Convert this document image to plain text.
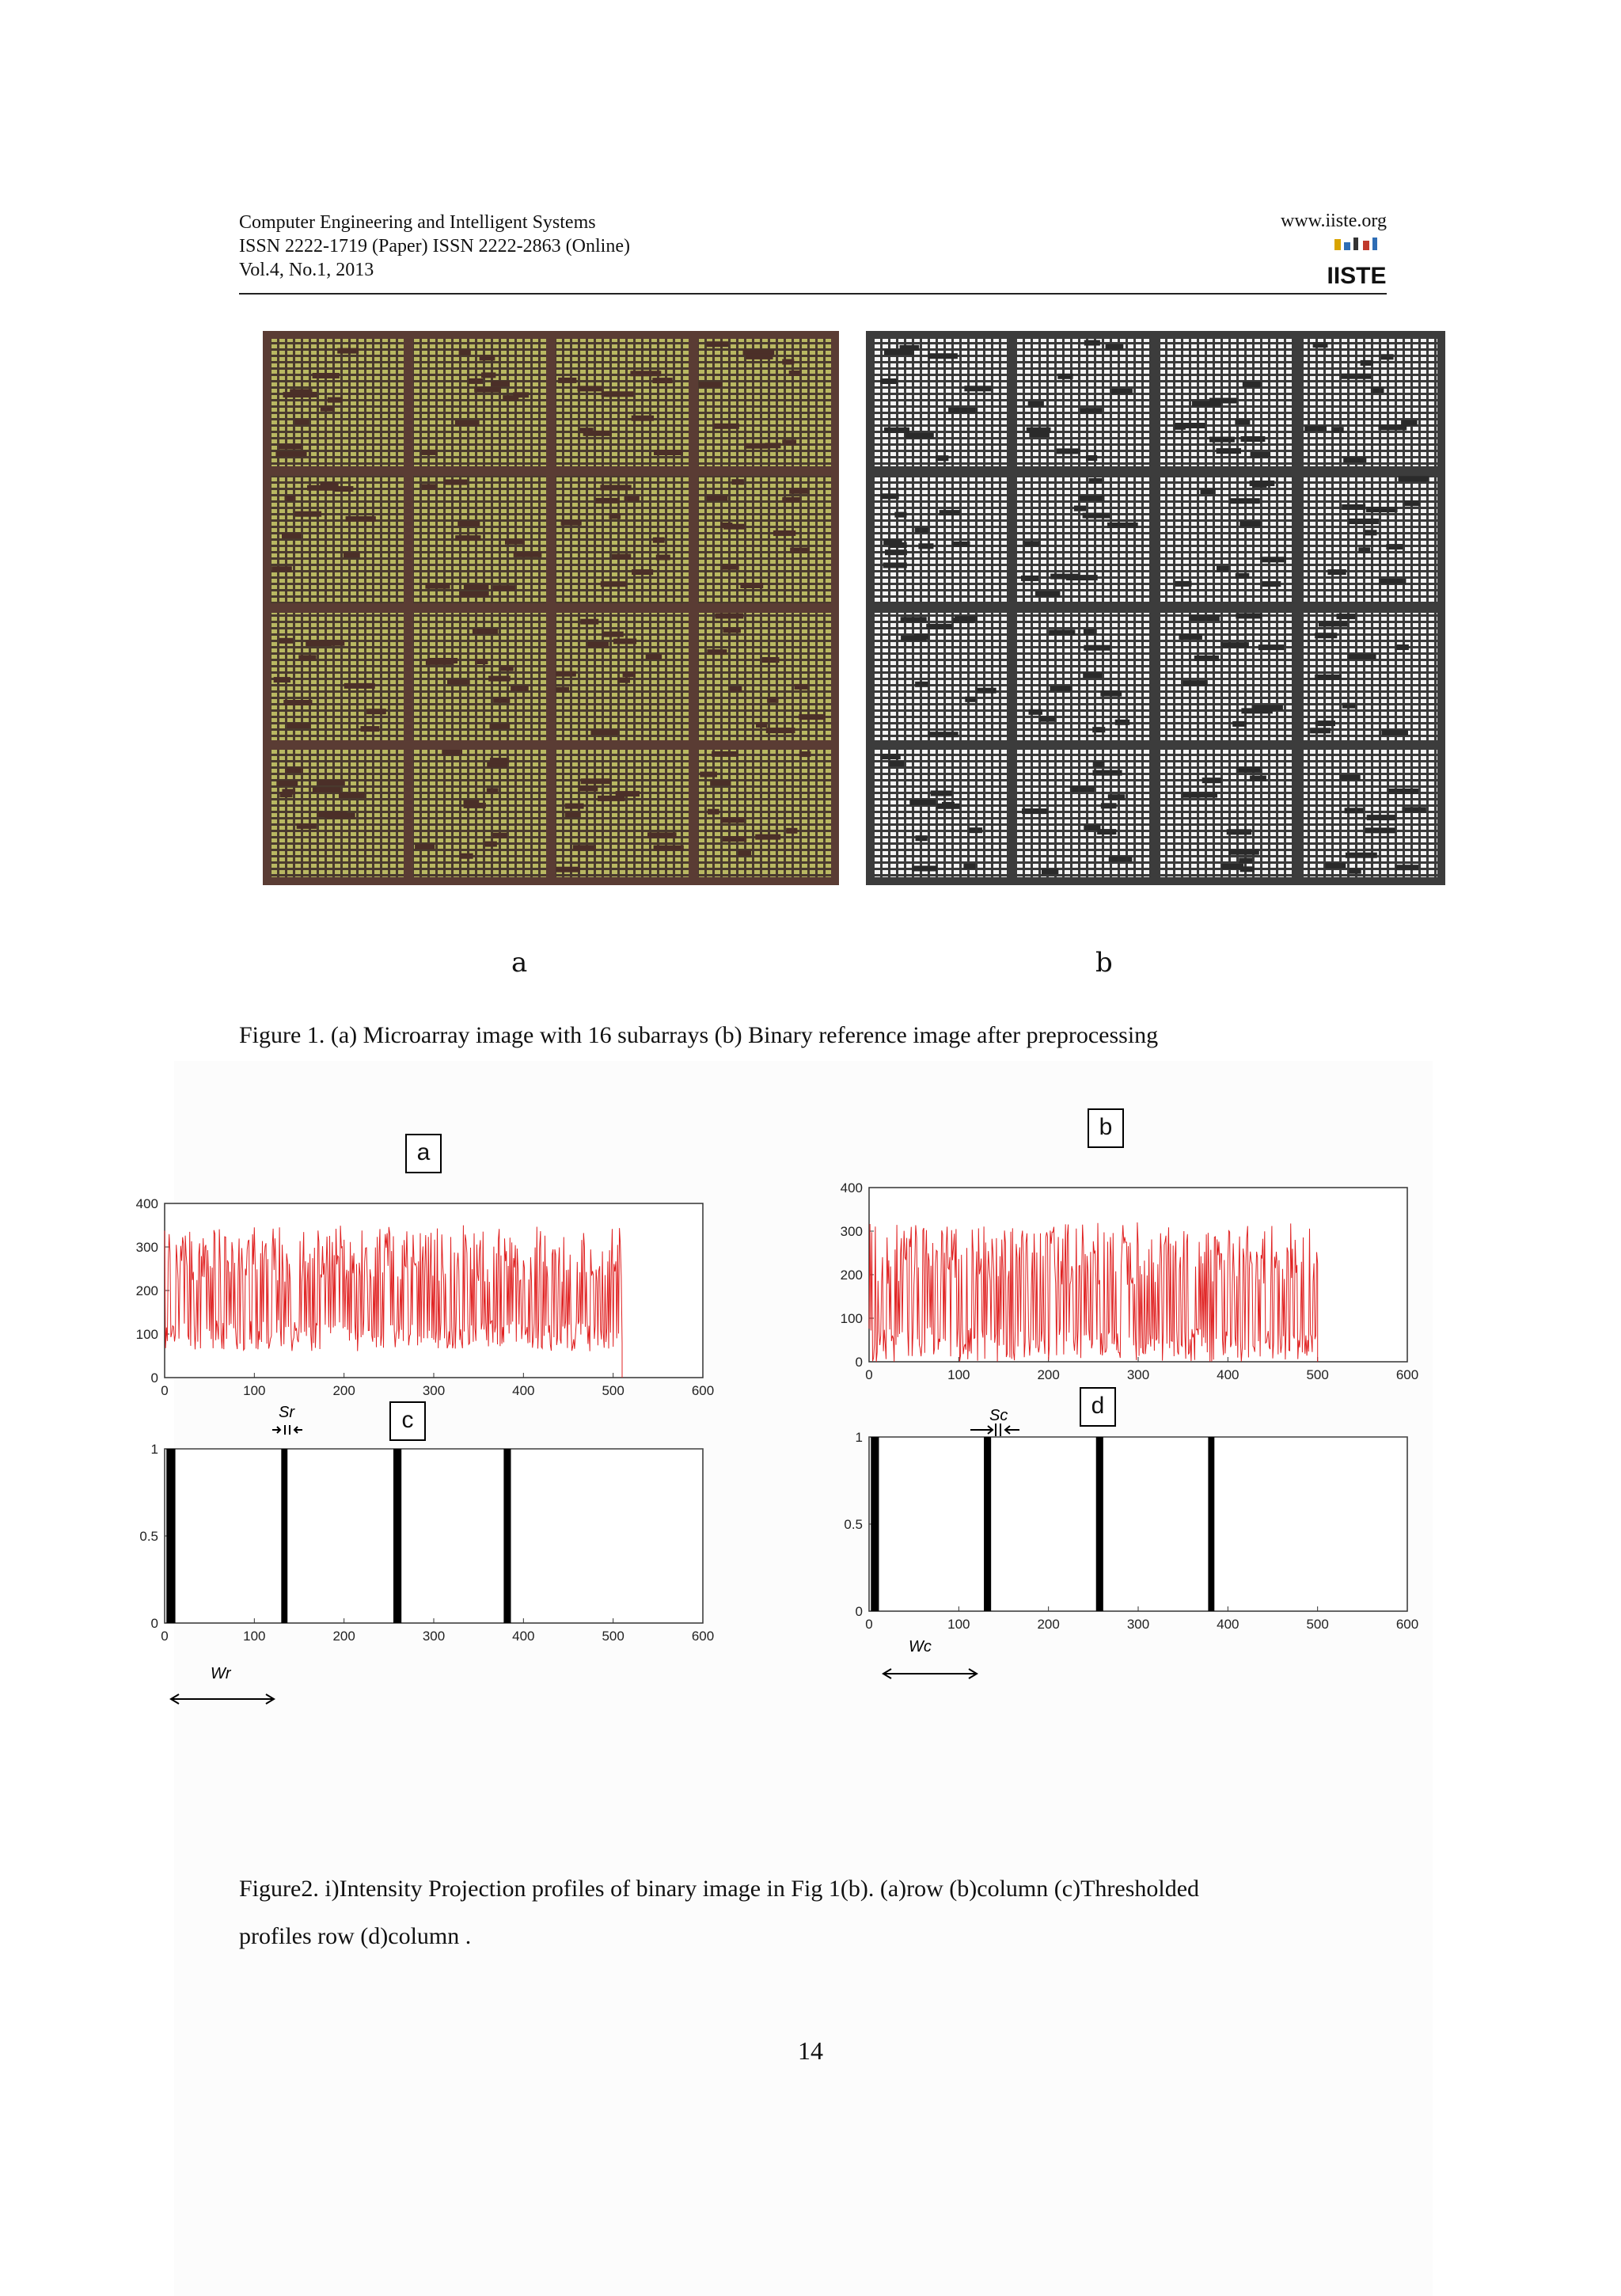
Computer Engineering and Intelligent Systems
ISSN 2222-1719 (Paper) ISSN 2222-2863 (Online)
Vol.4, No.1, 2013
www.iiste.org
IISTE
a	b
Figure 1. (a) Microarray image with 16 subarrays (b) Binary reference image after preprocessing
0	100	200	300	400	500	600
0
100
200
300
400
0	100	200	300	400	500	600
0
100
200
300
400
0	100	200	300	400	500	600
0
0.5
1
0	100	200	300	400	500	600
0
0.5
1
a
b
c
d
Sr	Sc
Wr
Wc
Figure2. i)Intensity Projection profiles of binary image in Fig 1(b). (a)row (b)column (c)Thresholded
profiles row (d)column .
14
